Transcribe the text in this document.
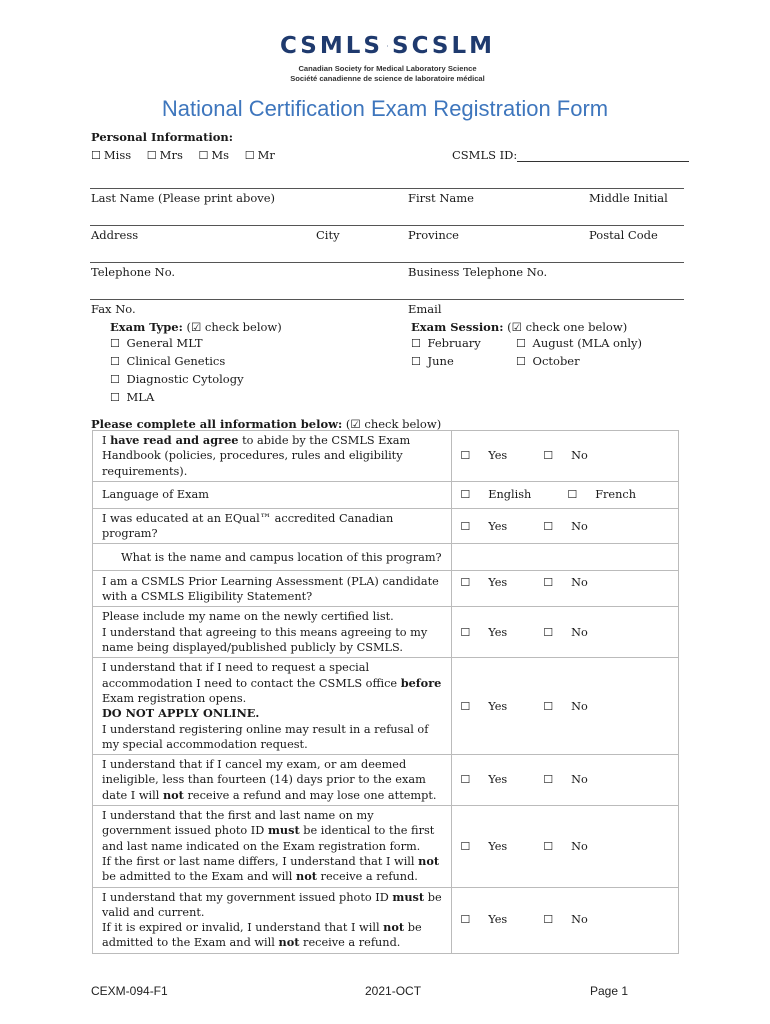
CSMLS SCSLM
Canadian Society for Medical Laboratory Science
Société canadienne de science de laboratoire médical
National Certification Exam Registration Form
Personal Information:
☐ Miss ☐ Mrs ☐ Ms ☐ Mr	CSMLS ID:
Last Name (Please print above)	First Name	Middle Initial
Address	City	Province	Postal Code
Telephone No.	Business Telephone No.
Fax No.	Email
Exam Type: (☑ check below)
☐ General MLT
☐ Clinical Genetics
☐ Diagnostic Cytology
☐ MLA
Exam Session: (☑ check one below)
☐ February	☐ August (MLA only)
☐ June	☐ October
Please complete all information below: (☑ check below)
I have read and agree to abide by the CSMLS Exam Handbook (policies, procedures, rules and eligibility requirements).	☐ Yes ☐ No
Language of Exam	☐ English ☐ French
I was educated at an EQual™ accredited Canadian program?	☐ Yes ☐ No
What is the name and campus location of this program?	
I am a CSMLS Prior Learning Assessment (PLA) candidate with a CSMLS Eligibility Statement?	☐ Yes ☐ No
Please include my name on the newly certified list.
I understand that agreeing to this means agreeing to my name being displayed/published publicly by CSMLS.	☐ Yes ☐ No
I understand that if I need to request a special accommodation I need to contact the CSMLS office before Exam registration opens.
DO NOT APPLY ONLINE.
I understand registering online may result in a refusal of my special accommodation request.	☐ Yes ☐ No
I understand that if I cancel my exam, or am deemed ineligible, less than fourteen (14) days prior to the exam date I will not receive a refund and may lose one attempt.	☐ Yes ☐ No
I understand that the first and last name on my government issued photo ID must be identical to the first and last name indicated on the Exam registration form.
If the first or last name differs, I understand that I will not be admitted to the Exam and will not receive a refund.	☐ Yes ☐ No
I understand that my government issued photo ID must be valid and current.
If it is expired or invalid, I understand that I will not be admitted to the Exam and will not receive a refund.	☐ Yes ☐ No
CEXM-094-F1	2021-OCT	Page 1
